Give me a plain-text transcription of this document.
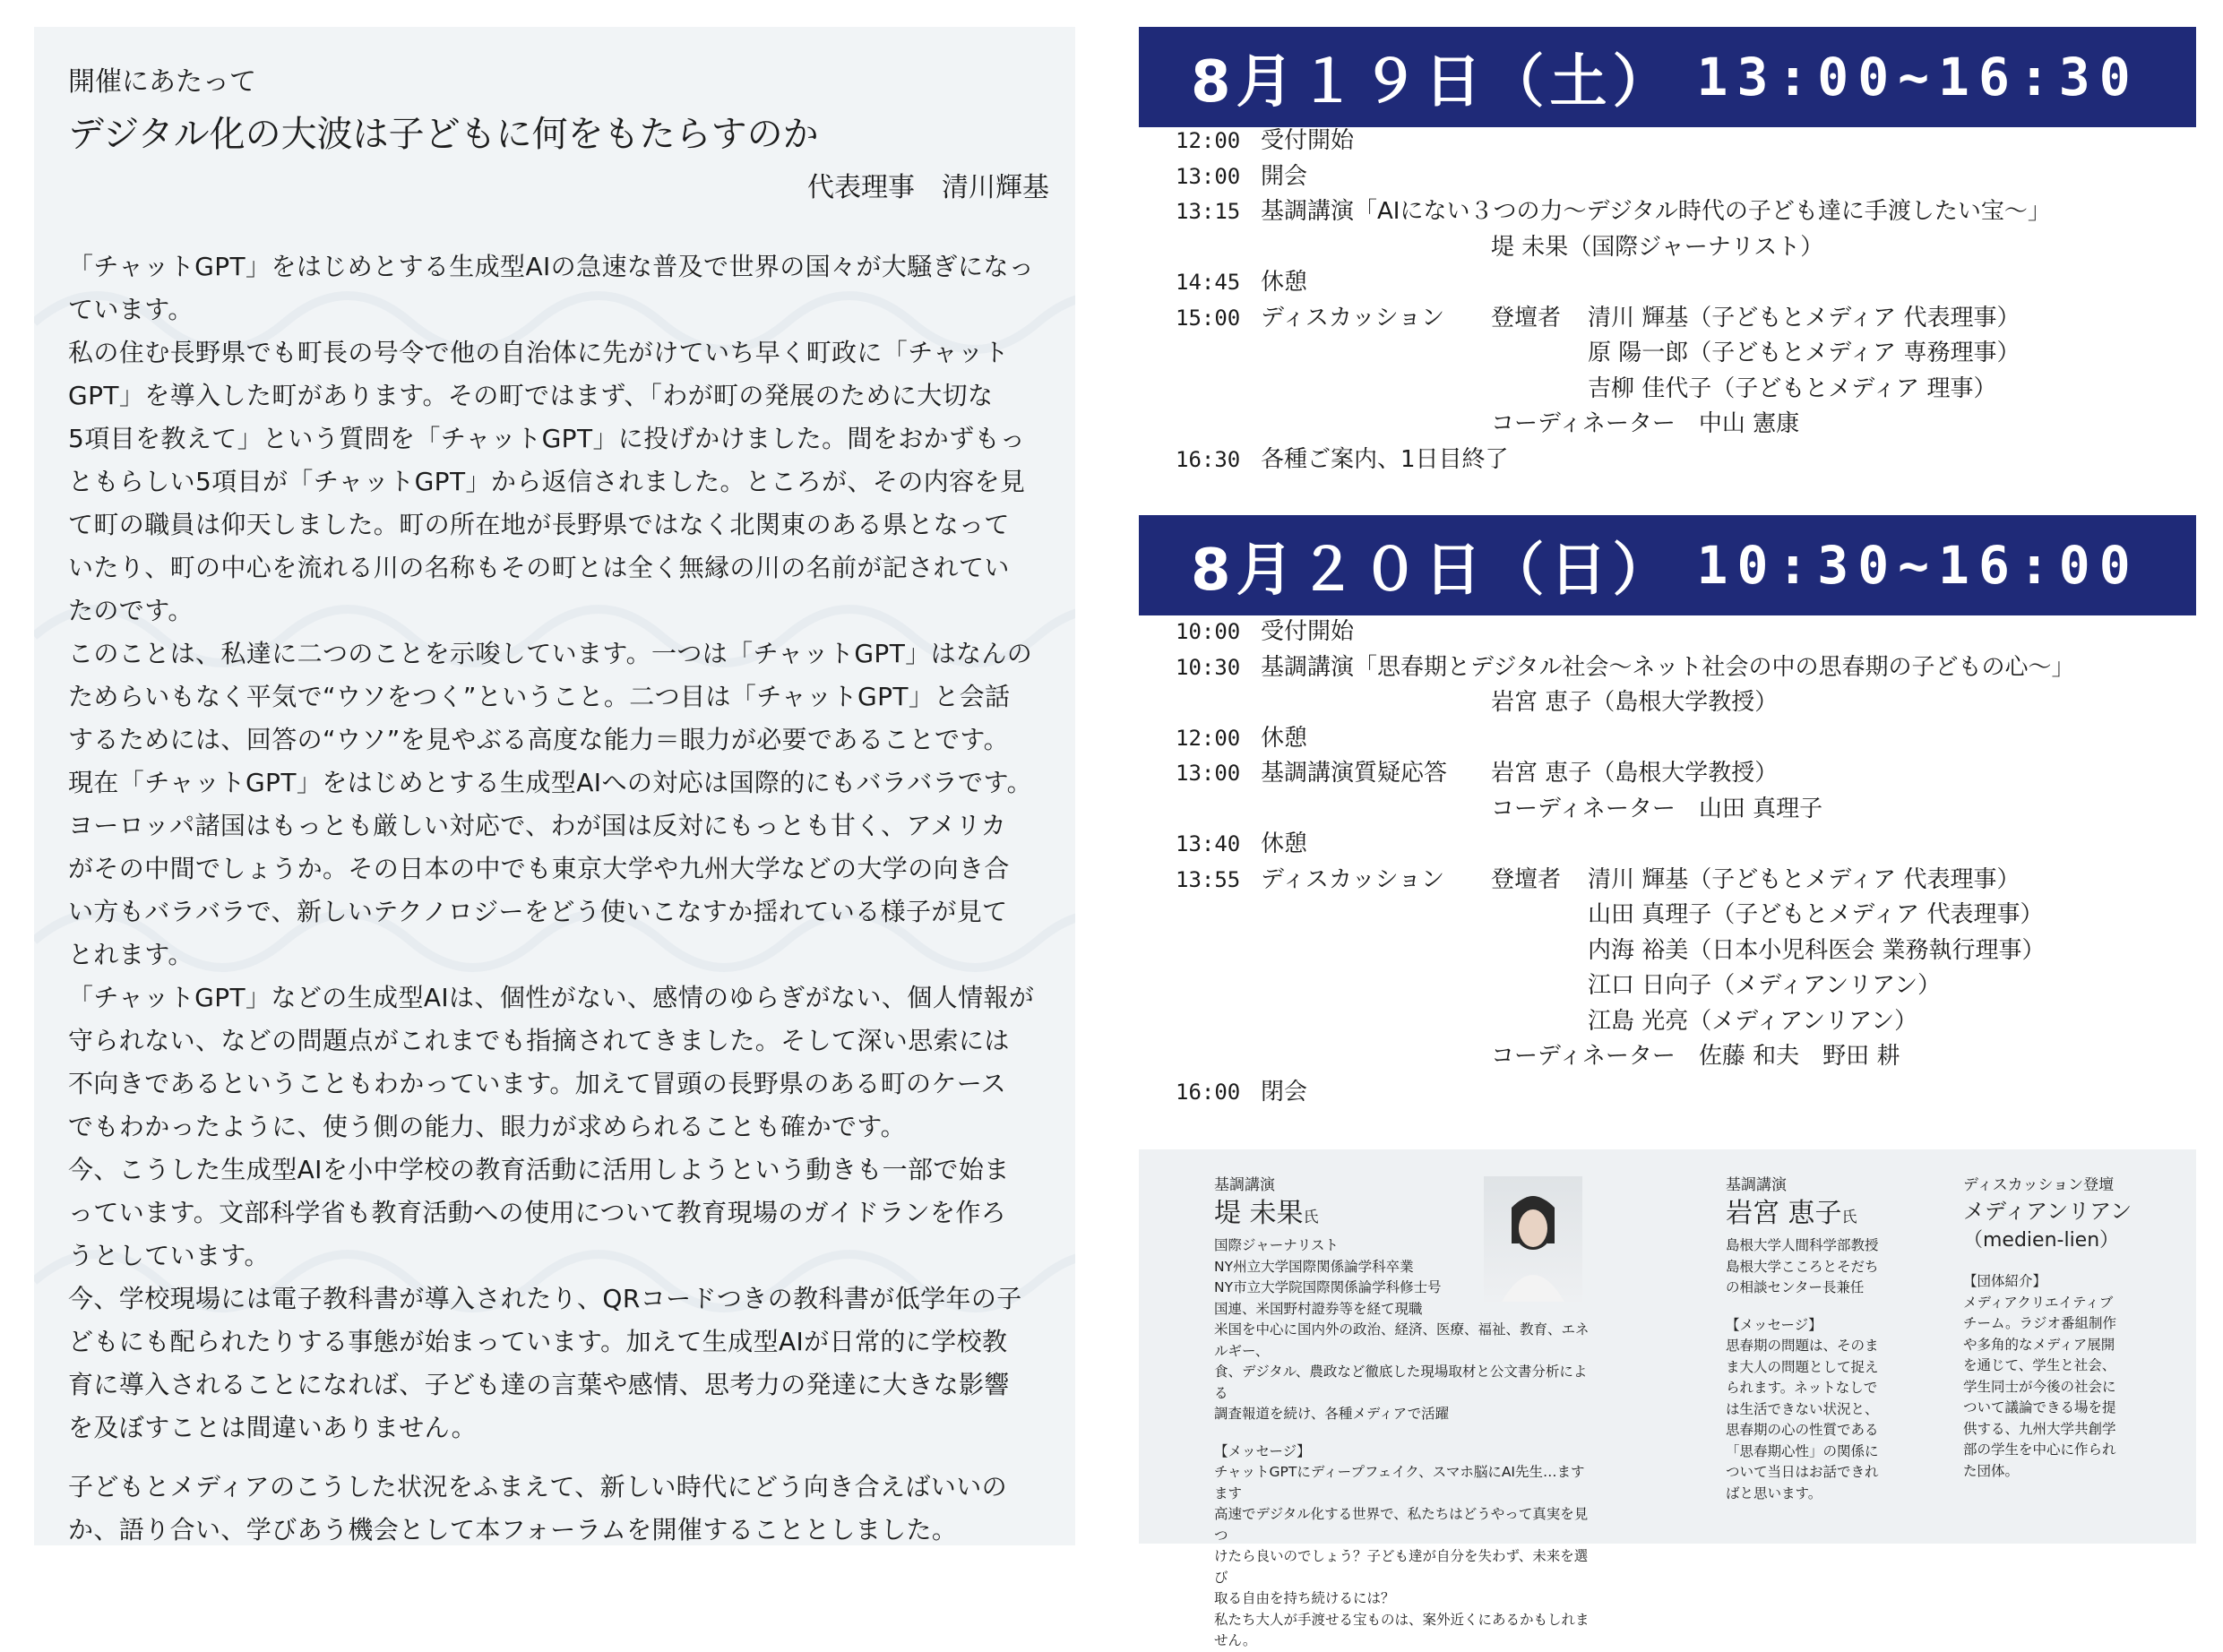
開催にあたって

デジタル化の大波は子どもに何をもたらすのか

代表理事　清川輝基

「チャットGPT」をはじめとする生成型AIの急速な普及で世界の国々が大騒ぎになっ

ています。

私の住む長野県でも町長の号令で他の自治体に先がけていち早く町政に「チャット

GPT」を導入した町があります。その町ではまず、「わが町の発展のために大切な

5項目を教えて」という質問を「チャットGPT」に投げかけました。間をおかずもっ

ともらしい5項目が「チャットGPT」から返信されました。ところが、その内容を見

て町の職員は仰天しました。町の所在地が長野県ではなく北関東のある県となって

いたり、町の中心を流れる川の名称もその町とは全く無縁の川の名前が記されてい

たのです。

このことは、私達に二つのことを示唆しています。一つは「チャットGPT」はなんの

ためらいもなく平気で“ウソをつく”ということ。二つ目は「チャットGPT」と会話

するためには、回答の“ウソ”を見やぶる高度な能力＝眼力が必要であることです。

現在「チャットGPT」をはじめとする生成型AIへの対応は国際的にもバラバラです。

ヨーロッパ諸国はもっとも厳しい対応で、わが国は反対にもっとも甘く、アメリカ

がその中間でしょうか。その日本の中でも東京大学や九州大学などの大学の向き合

い方もバラバラで、新しいテクノロジーをどう使いこなすか揺れている様子が見て

とれます。

「チャットGPT」などの生成型AIは、個性がない、感情のゆらぎがない、個人情報が

守られない、などの問題点がこれまでも指摘されてきました。そして深い思索には

不向きであるということもわかっています。加えて冒頭の長野県のある町のケース

でもわかったように、使う側の能力、眼力が求められることも確かです。

今、こうした生成型AIを小中学校の教育活動に活用しようという動きも一部で始ま

っています。文部科学省も教育活動への使用について教育現場のガイドランを作ろ

うとしています。

今、学校現場には電子教科書が導入されたり、QRコードつきの教科書が低学年の子

どもにも配られたりする事態が始まっています。加えて生成型AIが日常的に学校教

育に導入されることになれば、子ども達の言葉や感情、思考力の発達に大きな影響

を及ぼすことは間違いありません。

子どもとメディアのこうした状況をふまえて、新しい時代にどう向き合えばいいの

か、語り合い、学びあう機会として本フォーラムを開催することとしました。

8月１９日（土） 13:00~16:30
12:00 受付開始
13:00 開会
13:15 基調講演「AIにない３つの力〜デジタル時代の子ども達に手渡したい宝〜」
堤 未果（国際ジャーナリスト）
14:45 休憩
15:00 ディスカッション 登壇者 清川 輝基（子どもとメディア 代表理事）
原 陽一郎（子どもとメディア 専務理事）
吉柳 佳代子（子どもとメディア 理事）
コーディネーター　中山 憲康
16:30 各種ご案内、1日目終了
8月２０日（日） 10:30~16:00
10:00 受付開始
10:30 基調講演「思春期とデジタル社会〜ネット社会の中の思春期の子どもの心〜」
岩宮 恵子（島根大学教授）
12:00 休憩
13:00 基調講演質疑応答 岩宮 恵子（島根大学教授）
コーディネーター　山田 真理子
13:40 休憩
13:55 ディスカッション 登壇者 清川 輝基（子どもとメディア 代表理事）
山田 真理子（子どもとメディア 代表理事）
内海 裕美（日本小児科医会 業務執行理事）
江口 日向子（メディアンリアン）
江島 光亮（メディアンリアン）
コーディネーター　佐藤 和夫　野田 耕
16:00 閉会
基調講演
堤 未果氏
国際ジャーナリスト
NY州立大学国際関係論学科卒業
NY市立大学院国際関係論学科修士号
国連、米国野村證券等を経て現職
米国を中心に国内外の政治、経済、医療、福祉、教育、エネルギー、
食、デジタル、農政など徹底した現場取材と公文書分析による
調査報道を続け、各種メディアで活躍
【メッセージ】
チャットGPTにディープフェイク、スマホ脳にAI先生…ますます
高速でデジタル化する世界で、私たちはどうやって真実を見つ
けたら良いのでしょう？子ども達が自分を失わず、未来を選び
取る自由を持ち続けるには？
私たち大人が手渡せる宝ものは、案外近くにあるかもしれません。
基調講演
岩宮 恵子氏
島根大学人間科学部教授
島根大学こころとそだち
の相談センター長兼任
【メッセージ】
思春期の問題は、そのま
ま大人の問題として捉え
られます。ネットなしで
は生活できない状況と、
思春期の心の性質である
「思春期心性」の関係に
ついて当日はお話できれ
ばと思います。
ディスカッション登壇
メディアンリアン
（medien-lien）
【団体紹介】
メディアクリエイティブ
チーム。ラジオ番組制作
や多角的なメディア展開
を通じて、学生と社会、
学生同士が今後の社会に
ついて議論できる場を提
供する、九州大学共創学
部の学生を中心に作られ
た団体。
